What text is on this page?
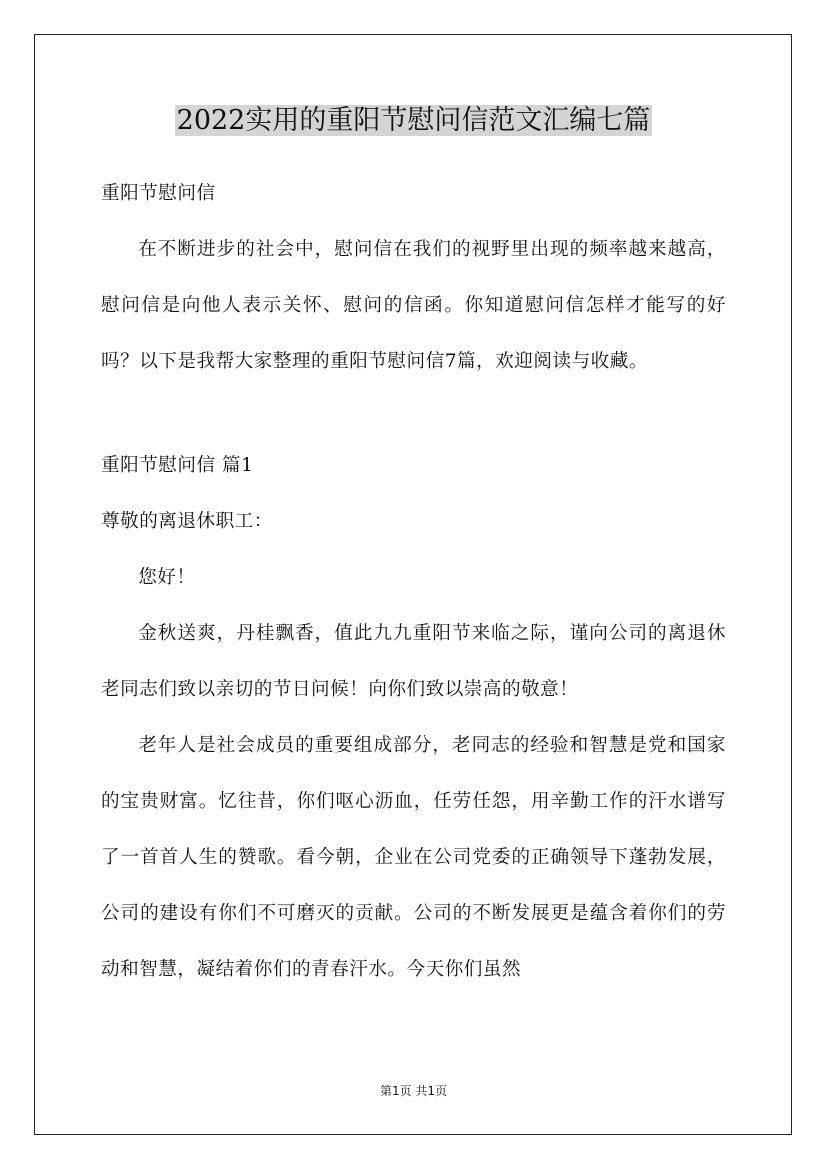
2022实用的重阳节慰问信范文汇编七篇

重阳节慰问信

在不断进步的社会中，慰问信在我们的视野里出现的频率越来越高，慰问信是向他人表示关怀、慰问的信函。你知道慰问信怎样才能写的好吗？以下是我帮大家整理的重阳节慰问信7篇，欢迎阅读与收藏。

重阳节慰问信 篇1

尊敬的离退休职工：

您好！

金秋送爽，丹桂飘香，值此九九重阳节来临之际，谨向公司的离退休老同志们致以亲切的节日问候！向你们致以崇高的敬意！

老年人是社会成员的重要组成部分，老同志的经验和智慧是党和国家的宝贵财富。忆往昔，你们呕心沥血，任劳任怨，用辛勤工作的汗水谱写了一首首人生的赞歌。看今朝，企业在公司党委的正确领导下蓬勃发展，公司的建设有你们不可磨灭的贡献。公司的不断发展更是蕴含着你们的劳动和智慧，凝结着你们的青春汗水。今天你们虽然

第1页 共1页
